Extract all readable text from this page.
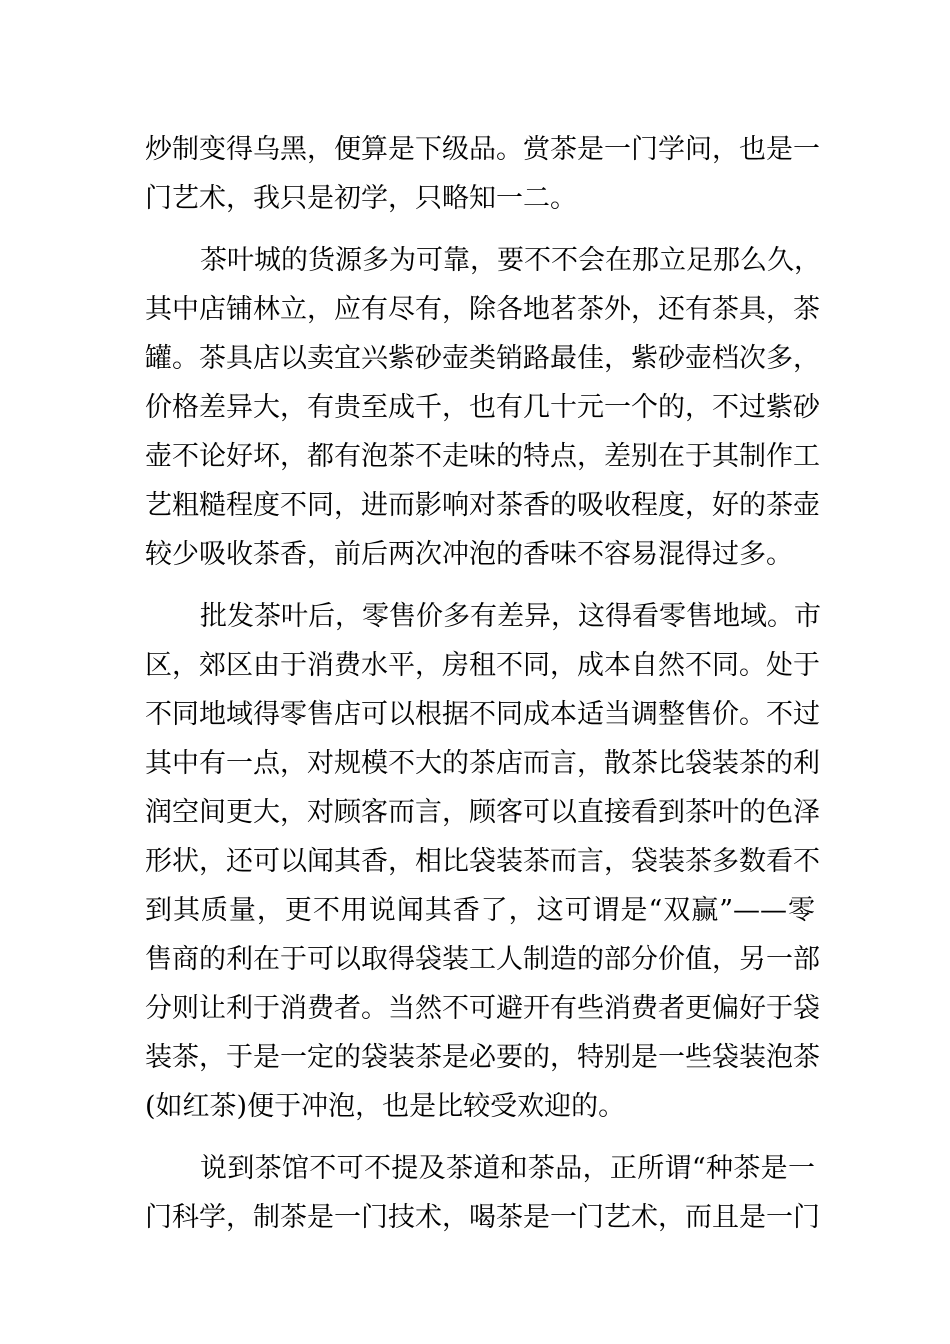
炒制变得乌黑，便算是下级品。赏茶是一门学问，也是一
门艺术，我只是初学，只略知一二。
茶叶城的货源多为可靠，要不不会在那立足那么久，
其中店铺林立，应有尽有，除各地茗茶外，还有茶具，茶
罐。茶具店以卖宜兴紫砂壶类销路最佳，紫砂壶档次多，
价格差异大，有贵至成千，也有几十元一个的，不过紫砂
壶不论好坏，都有泡茶不走味的特点，差别在于其制作工
艺粗糙程度不同，进而影响对茶香的吸收程度，好的茶壶
较少吸收茶香，前后两次冲泡的香味不容易混得过多。
批发茶叶后，零售价多有差异，这得看零售地域。市
区，郊区由于消费水平，房租不同，成本自然不同。处于
不同地域得零售店可以根据不同成本适当调整售价。不过
其中有一点，对规模不大的茶店而言，散茶比袋装茶的利
润空间更大，对顾客而言，顾客可以直接看到茶叶的色泽
形状，还可以闻其香，相比袋装茶而言，袋装茶多数看不
到其质量，更不用说闻其香了，这可谓是“双赢”——零
售商的利在于可以取得袋装工人制造的部分价值，另一部
分则让利于消费者。当然不可避开有些消费者更偏好于袋
装茶，于是一定的袋装茶是必要的，特别是一些袋装泡茶
(如红茶)便于冲泡，也是比较受欢迎的。
说到茶馆不可不提及茶道和茶品，正所谓“种茶是一
门科学，制茶是一门技术，喝茶是一门艺术，而且是一门
